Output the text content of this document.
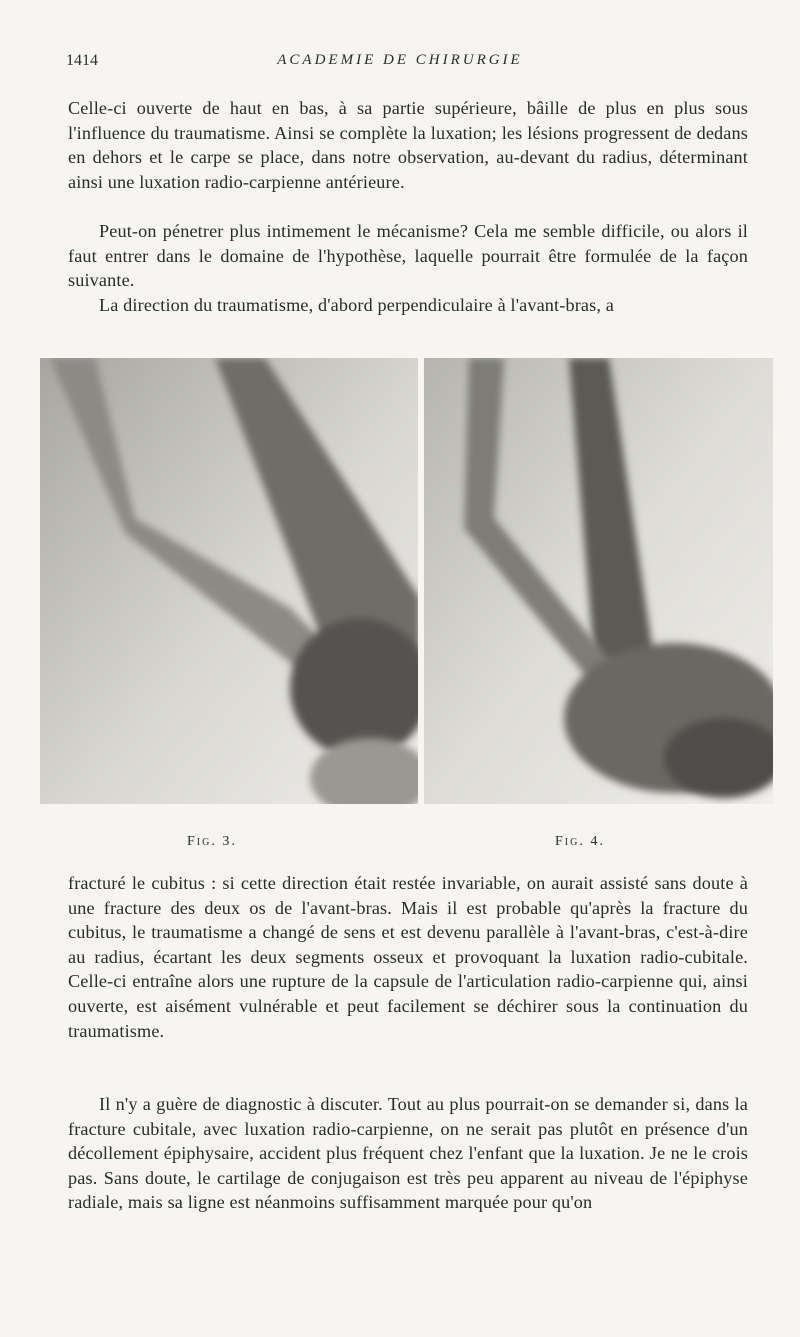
1414	ACADEMIE DE CHIRURGIE

Celle-ci ouverte de haut en bas, à sa partie supérieure, bâille de plus en plus sous l'influence du traumatisme. Ainsi se complète la luxation; les lésions progressent de dedans en dehors et le carpe se place, dans notre observation, au-devant du radius, déterminant ainsi une luxation radio-carpienne antérieure.

Peut-on pénetrer plus intimement le mécanisme? Cela me semble difficile, ou alors il faut entrer dans le domaine de l'hypothèse, laquelle pourrait être formulée de la façon suivante.

La direction du traumatisme, d'abord perpendiculaire à l'avant-bras, a

Fig. 3.	Fig. 4.

fracturé le cubitus : si cette direction était restée invariable, on aurait assisté sans doute à une fracture des deux os de l'avant-bras. Mais il est probable qu'après la fracture du cubitus, le traumatisme a changé de sens et est devenu parallèle à l'avant-bras, c'est-à-dire au radius, écartant les deux segments osseux et provoquant la luxation radio-cubitale. Celle-ci entraîne alors une rupture de la capsule de l'articulation radio-carpienne qui, ainsi ouverte, est aisément vulnérable et peut facilement se déchirer sous la continuation du traumatisme.

Il n'y a guère de diagnostic à discuter. Tout au plus pourrait-on se demander si, dans la fracture cubitale, avec luxation radio-carpienne, on ne serait pas plutôt en présence d'un décollement épiphysaire, accident plus fréquent chez l'enfant que la luxation. Je ne le crois pas. Sans doute, le cartilage de conjugaison est très peu apparent au niveau de l'épiphyse radiale, mais sa ligne est néanmoins suffisamment marquée pour qu'on
